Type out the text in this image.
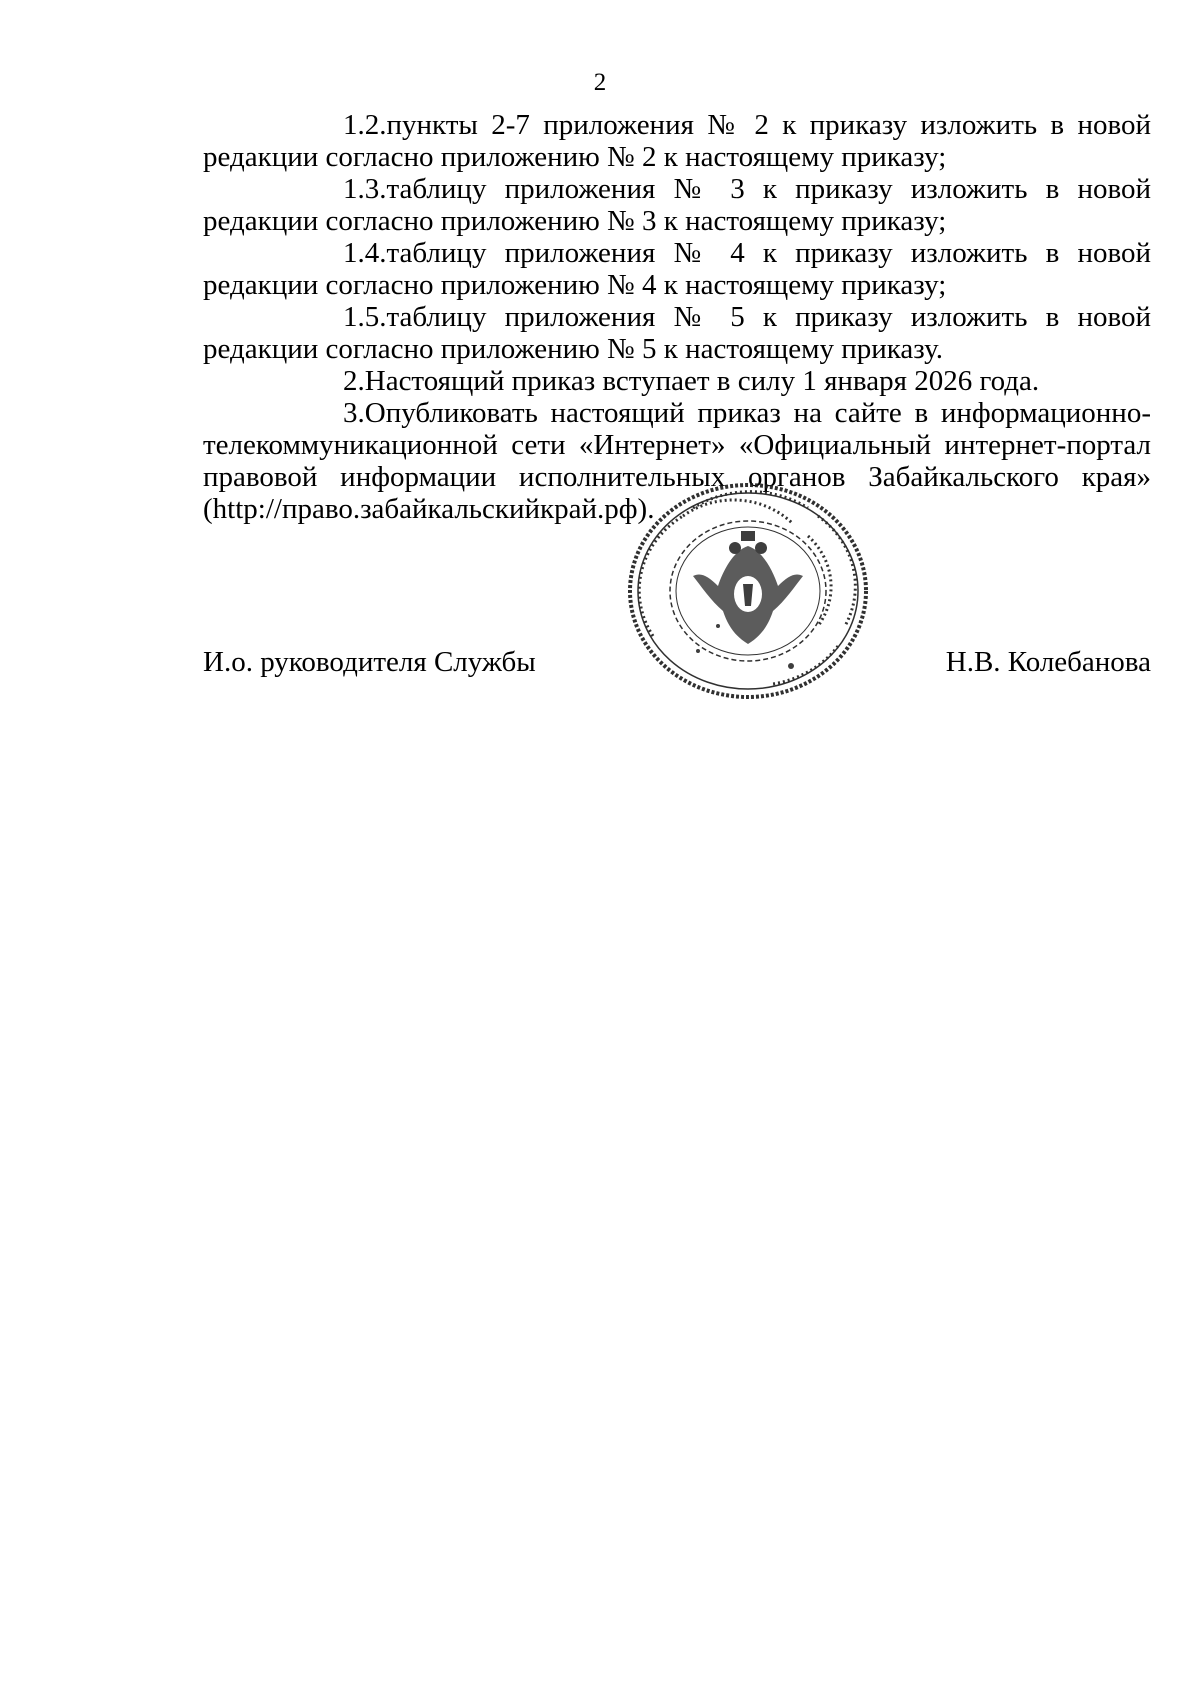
2

1.2.пункты 2-7 приложения № 2 к приказу изложить в новой редакции согласно приложению № 2 к настоящему приказу;

1.3.таблицу приложения № 3 к приказу изложить в новой редакции согласно приложению № 3 к настоящему приказу;

1.4.таблицу приложения № 4 к приказу изложить в новой редакции согласно приложению № 4 к настоящему приказу;

1.5.таблицу приложения № 5 к приказу изложить в новой редакции согласно приложению № 5 к настоящему приказу.

2.Настоящий приказ вступает в силу 1 января 2026 года.

3.Опубликовать настоящий приказ на сайте в информационно-телекоммуникационной сети «Интернет» «Официальный интернет-портал правовой информации исполнительных органов Забайкальского края» (http://право.забайкальскийкрай.рф).

И.о. руководителя Службы	Н.В. Колебанова
